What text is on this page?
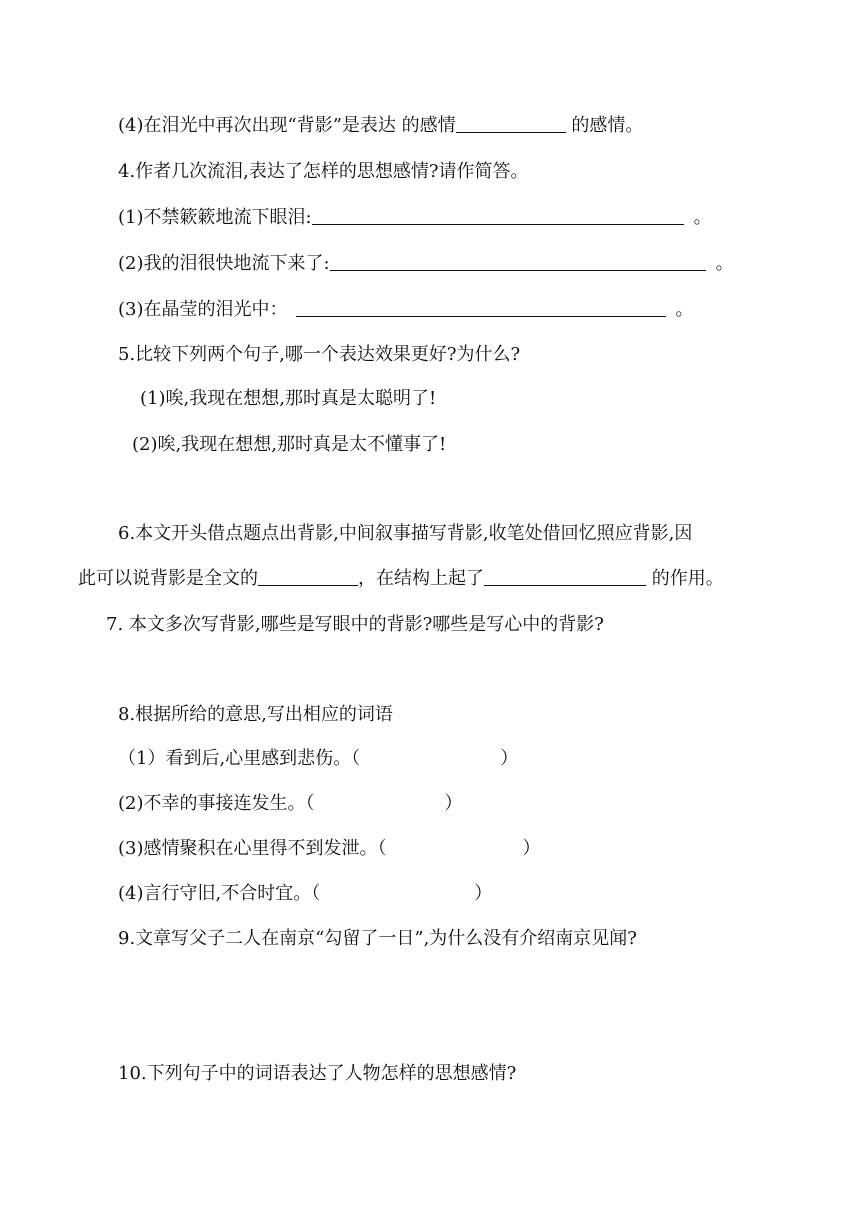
(4)在泪光中再次出现“背影”是表达 的感情	的感情。
4.作者几次流泪,表达了怎样的思想感情?请作简答。
(1)不禁簌簌地流下眼泪:	。
(2)我的泪很快地流下来了:	。
(3)在晶莹的泪光中：	。
5.比较下列两个句子,哪一个表达效果更好?为什么?
(1)唉,我现在想想,那时真是太聪明了!
(2)唉,我现在想想,那时真是太不懂事了!
6.本文开头借点题点出背影,中间叙事描写背影,收笔处借回忆照应背影,因
此可以说背影是全文的	，在结构上起了	的作用。
7. 本文多次写背影,哪些是写眼中的背影?哪些是写心中的背影?
8.根据所给的意思,写出相应的词语
（1）看到后,心里感到悲伤。（	）
(2)不幸的事接连发生。（	）
(3)感情聚积在心里得不到发泄。（	）
(4)言行守旧,不合时宜。（	）
9.文章写父子二人在南京“勾留了一日”,为什么没有介绍南京见闻?
10.下列句子中的词语表达了人物怎样的思想感情?
